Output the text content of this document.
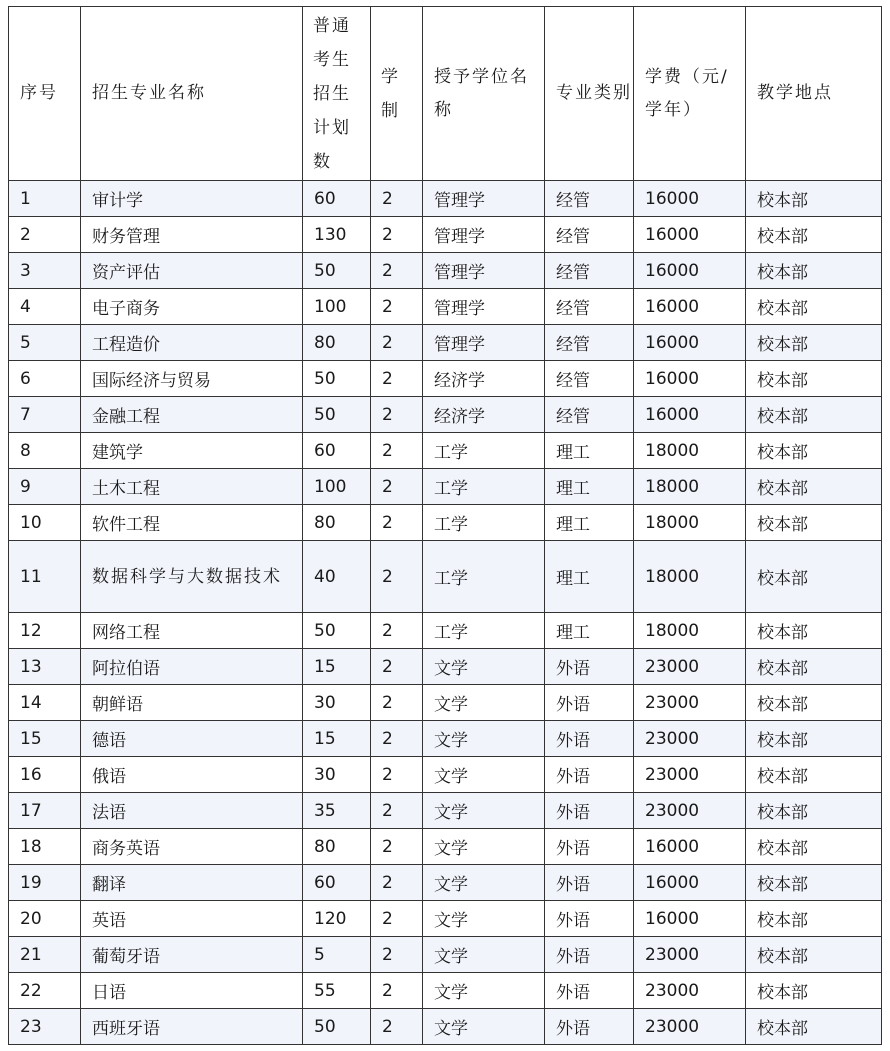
序号	招生专业名称	普通考生招生计划数	学制	授予学位名称	专业类别	学费（元/学年）	教学地点
1	审计学	60	2	管理学	经管	16000	校本部
2	财务管理	130	2	管理学	经管	16000	校本部
3	资产评估	50	2	管理学	经管	16000	校本部
4	电子商务	100	2	管理学	经管	16000	校本部
5	工程造价	80	2	管理学	经管	16000	校本部
6	国际经济与贸易	50	2	经济学	经管	16000	校本部
7	金融工程	50	2	经济学	经管	16000	校本部
8	建筑学	60	2	工学	理工	18000	校本部
9	土木工程	100	2	工学	理工	18000	校本部
10	软件工程	80	2	工学	理工	18000	校本部
11	数据科学与大数据技术	40	2	工学	理工	18000	校本部
12	网络工程	50	2	工学	理工	18000	校本部
13	阿拉伯语	15	2	文学	外语	23000	校本部
14	朝鲜语	30	2	文学	外语	23000	校本部
15	德语	15	2	文学	外语	23000	校本部
16	俄语	30	2	文学	外语	23000	校本部
17	法语	35	2	文学	外语	23000	校本部
18	商务英语	80	2	文学	外语	16000	校本部
19	翻译	60	2	文学	外语	16000	校本部
20	英语	120	2	文学	外语	16000	校本部
21	葡萄牙语	5	2	文学	外语	23000	校本部
22	日语	55	2	文学	外语	23000	校本部
23	西班牙语	50	2	文学	外语	23000	校本部
